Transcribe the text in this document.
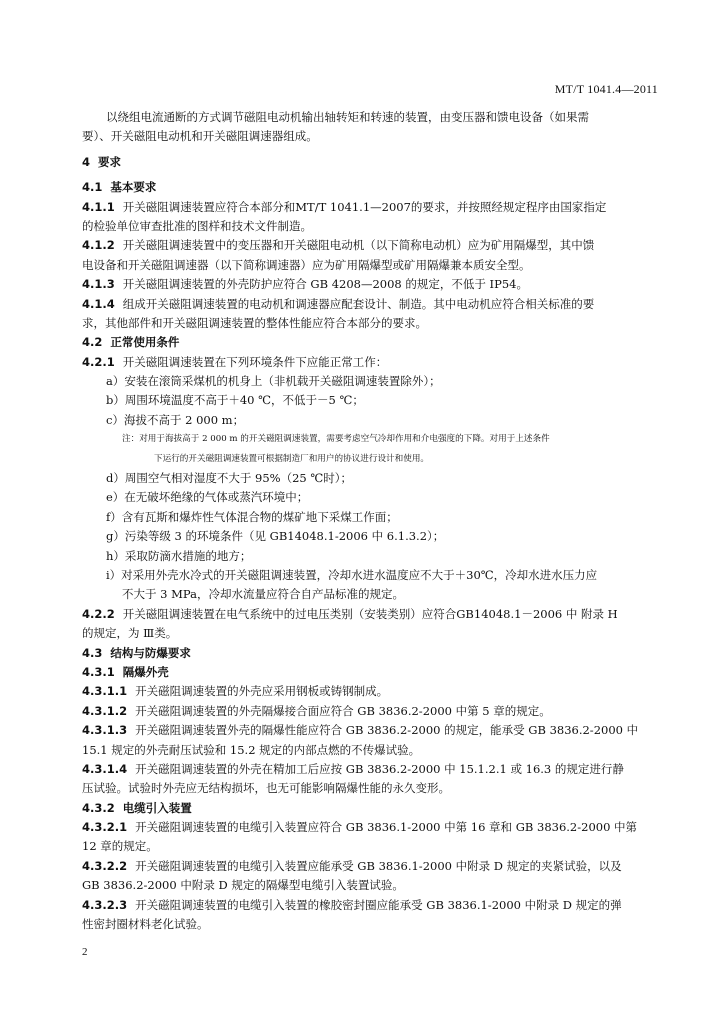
MT/T 1041.4—2011
以绕组电流通断的方式调节磁阻电动机输出轴转矩和转速的装置，由变压器和馈电设备（如果需
要）、开关磁阻电动机和开关磁阻调速器组成。
4 要求
4.1 基本要求
4.1.1 开关磁阻调速装置应符合本部分和MT/T 1041.1—2007的要求，并按照经规定程序由国家指定
的检验单位审查批准的图样和技术文件制造。
4.1.2 开关磁阻调速装置中的变压器和开关磁阻电动机（以下简称电动机）应为矿用隔爆型，其中馈
电设备和开关磁阻调速器（以下简称调速器）应为矿用隔爆型或矿用隔爆兼本质安全型。
4.1.3 开关磁阻调速装置的外壳防护应符合 GB 4208—2008 的规定，不低于 IP54。
4.1.4 组成开关磁阻调速装置的电动机和调速器应配套设计、制造。其中电动机应符合相关标准的要
求，其他部件和开关磁阻调速装置的整体性能应符合本部分的要求。
4.2 正常使用条件
4.2.1 开关磁阻调速装置在下列环境条件下应能正常工作：
a）安装在滚筒采煤机的机身上（非机载开关磁阻调速装置除外）；
b）周围环境温度不高于＋40 ℃，不低于－5 ℃；
c）海拔不高于 2 000 m；
注：对用于海拔高于 2 000 m 的开关磁阻调速装置，需要考虑空气冷却作用和介电强度的下降。对用于上述条件
下运行的开关磁阻调速装置可根据制造厂和用户的协议进行设计和使用。
d）周围空气相对湿度不大于 95%（25 ℃时）；
e）在无破坏绝缘的气体或蒸汽环境中；
f）含有瓦斯和爆炸性气体混合物的煤矿地下采煤工作面；
g）污染等级 3 的环境条件（见 GB14048.1-2006 中 6.1.3.2）；
h）采取防滴水措施的地方；
i）对采用外壳水冷式的开关磁阻调速装置，冷却水进水温度应不大于＋30℃，冷却水进水压力应
不大于 3 MPa，冷却水流量应符合自产品标准的规定。
4.2.2 开关磁阻调速装置在电气系统中的过电压类别（安装类别）应符合GB14048.1－2006 中 附录 H
的规定，为 Ⅲ类。
4.3 结构与防爆要求
4.3.1 隔爆外壳
4.3.1.1 开关磁阻调速装置的外壳应采用钢板或铸钢制成。
4.3.1.2 开关磁阻调速装置的外壳隔爆接合面应符合 GB 3836.2-2000 中第 5 章的规定。
4.3.1.3 开关磁阻调速装置外壳的隔爆性能应符合 GB 3836.2-2000 的规定，能承受 GB 3836.2-2000 中
15.1 规定的外壳耐压试验和 15.2 规定的内部点燃的不传爆试验。
4.3.1.4 开关磁阻调速装置的外壳在精加工后应按 GB 3836.2-2000 中 15.1.2.1 或 16.3 的规定进行静
压试验。试验时外壳应无结构损坏，也无可能影响隔爆性能的永久变形。
4.3.2 电缆引入装置
4.3.2.1 开关磁阻调速装置的电缆引入装置应符合 GB 3836.1-2000 中第 16 章和 GB 3836.2-2000 中第
12 章的规定。
4.3.2.2 开关磁阻调速装置的电缆引入装置应能承受 GB 3836.1-2000 中附录 D 规定的夹紧试验，以及
GB 3836.2-2000 中附录 D 规定的隔爆型电缆引入装置试验。
4.3.2.3 开关磁阻调速装置的电缆引入装置的橡胶密封圈应能承受 GB 3836.1-2000 中附录 D 规定的弹
性密封圈材料老化试验。
2
